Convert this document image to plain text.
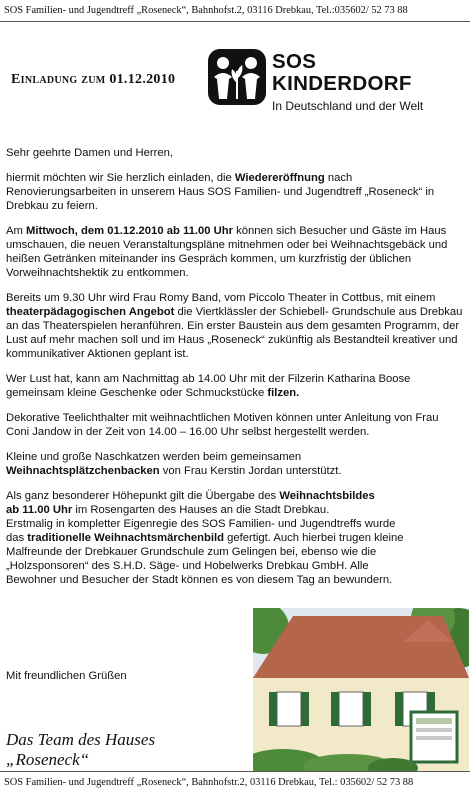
SOS Familien- und Jugendtreff „Roseneck“, Bahnhofst.2, 03116 Drebkau, Tel.:035602/ 52 73 88
Einladung zum 01.12.2010
SOS
KINDERDORF
In Deutschland und der Welt

Sehr geehrte Damen und Herren,

hiermit möchten wir Sie herzlich einladen, die Wiedereröffnung nach Renovierungsarbeiten in unserem Haus SOS Familien- und Jugendtreff „Roseneck“ in Drebkau zu feiern.

Am Mittwoch, dem 01.12.2010 ab 11.00 Uhr können sich Besucher und Gäste im Haus umschauen, die neuen Veranstaltungspläne mitnehmen oder bei Weihnachtsgebäck und heißen Getränken miteinander ins Gespräch kommen, um kurzfristig der üblichen Vorweihnachtshektik zu entkommen.

Bereits um 9.30 Uhr wird Frau Romy Band, vom Piccolo Theater in Cottbus, mit einem theaterpädagogischen Angebot die Viertklässler der Schiebell- Grundschule aus Drebkau an das Theaterspielen heranführen. Ein erster Baustein aus dem gesamten Programm, der Lust auf mehr machen soll und im Haus „Roseneck“ zukünftig als Bestandteil kreativer und kommunikativer Aktionen geplant ist.

Wer Lust hat, kann am Nachmittag ab 14.00 Uhr mit der Filzerin Katharina Boose gemeinsam kleine Geschenke oder Schmuckstücke filzen.

Dekorative Teelichthalter mit weihnachtlichen Motiven können unter Anleitung von Frau Coni Jandow in der Zeit von 14.00 – 16.00 Uhr selbst hergestellt werden.

Kleine und große Naschkatzen werden beim gemeinsamen
Weihnachtsplätzchenbacken von Frau Kerstin Jordan unterstützt.

Als ganz besonderer Höhepunkt gilt die Übergabe des Weihnachtsbildes
ab 11.00 Uhr im Rosengarten des Hauses an die Stadt Drebkau.
Erstmalig in kompletter Eigenregie des SOS Familien- und Jugendtreffs wurde das traditionelle Weihnachtsmärchenbild gefertigt. Auch hierbei trugen kleine Malfreunde der Drebkauer Grundschule zum Gelingen bei, ebenso wie die „Holzsponsoren“ des S.H.D. Säge- und Hobelwerks Drebkau GmbH. Alle Bewohner und Besucher der Stadt können es von diesem Tag an bewundern.

Mit freundlichen Grüßen
Das Team des Hauses
„Roseneck“
SOS Familien- und Jugendtreff „Roseneck“, Bahnhofstr.2, 03116 Drebkau, Tel.: 035602/ 52 73 88
